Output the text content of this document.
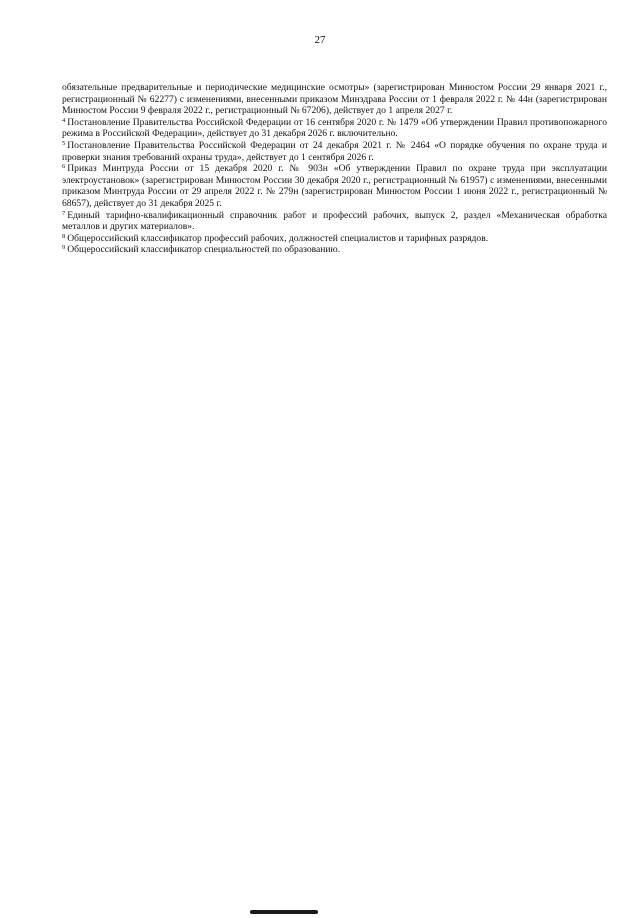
27

обязательные предварительные и периодические медицинские осмотры» (зарегистрирован Минюстом России 29 января 2021 г., регистрационный № 62277) с изменениями, внесенными приказом Минздрава России от 1 февраля 2022 г. № 44н (зарегистрирован Минюстом России 9 февраля 2022 г., регистрационный № 67206), действует до 1 апреля 2027 г.

$^4$ Постановление Правительства Российской Федерации от 16 сентября 2020 г. № 1479 «Об утверждении Правил противопожарного режима в Российской Федерации», действует до 31 декабря 2026 г. включительно.

$^5$ Постановление Правительства Российской Федерации от 24 декабря 2021 г. № 2464 «О порядке обучения по охране труда и проверки знания требований охраны труда», действует до 1 сентября 2026 г.

$^6$ Приказ Минтруда России от 15 декабря 2020 г. № 903н «Об утверждении Правил по охране труда при эксплуатации электроустановок» (зарегистрирован Минюстом России 30 декабря 2020 г., регистрационный № 61957) с изменениями, внесенными приказом Минтруда России от 29 апреля 2022 г. № 279н (зарегистрирован Минюстом России 1 июня 2022 г., регистрационный № 68657), действует до 31 декабря 2025 г.

$^7$ Единый тарифно-квалификационный справочник работ и профессий рабочих, выпуск 2, раздел «Механическая обработка металлов и других материалов».

$^8$ Общероссийский классификатор профессий рабочих, должностей специалистов и тарифных разрядов.

$^9$ Общероссийский классификатор специальностей по образованию.
